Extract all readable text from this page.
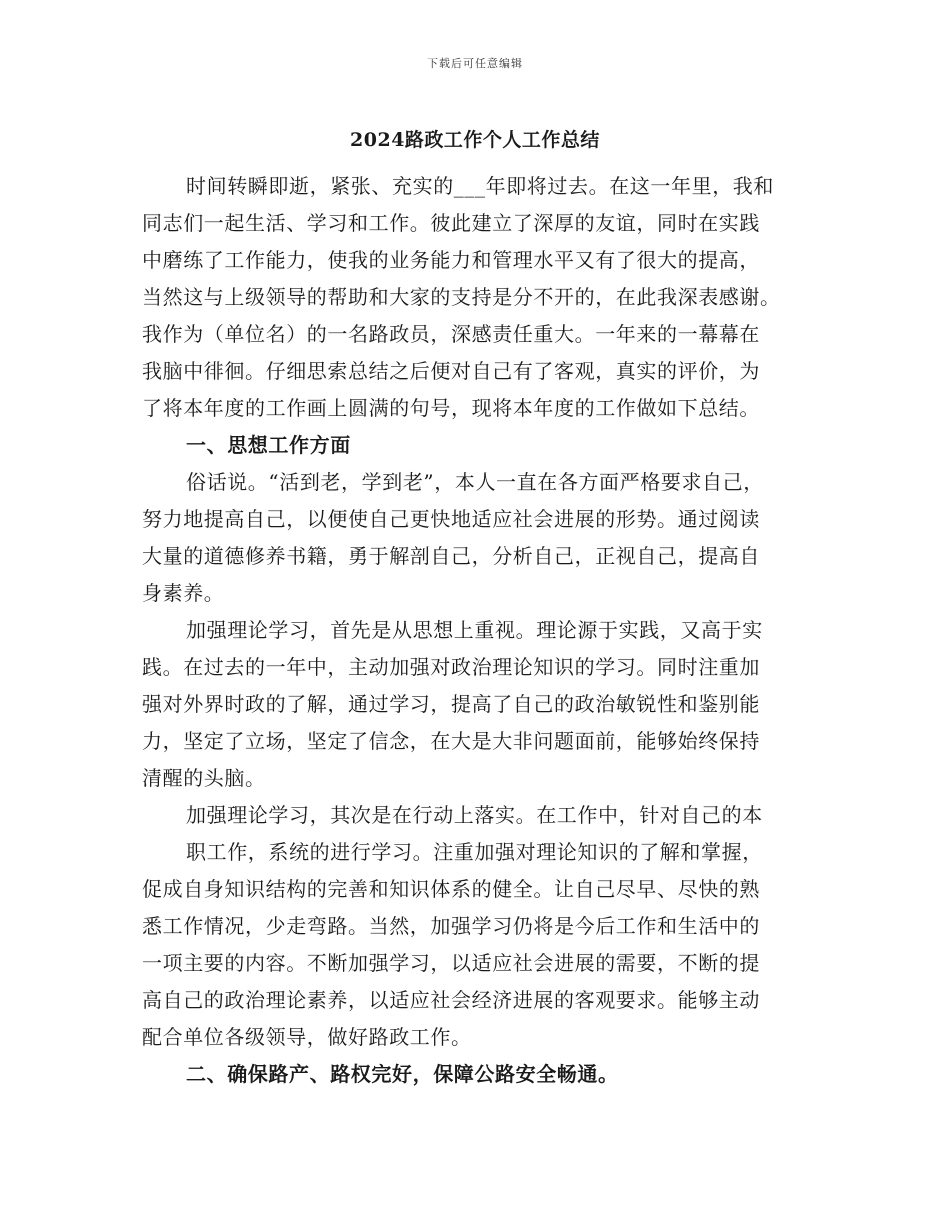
下载后可任意编辑
2024路政工作个人工作总结
时间转瞬即逝，紧张、充实的___年即将过去。在这一年里，我和
同志们一起生活、学习和工作。彼此建立了深厚的友谊，同时在实践
中磨练了工作能力，使我的业务能力和管理水平又有了很大的提高，
当然这与上级领导的帮助和大家的支持是分不开的，在此我深表感谢。
我作为（单位名）的一名路政员，深感责任重大。一年来的一幕幕在
我脑中徘徊。仔细思索总结之后便对自己有了客观，真实的评价，为
了将本年度的工作画上圆满的句号，现将本年度的工作做如下总结。
一、思想工作方面
俗话说。“活到老，学到老”，本人一直在各方面严格要求自己，
努力地提高自己，以便使自己更快地适应社会进展的形势。通过阅读
大量的道德修养书籍，勇于解剖自己，分析自己，正视自己，提高自
身素养。
加强理论学习，首先是从思想上重视。理论源于实践，又高于实
践。在过去的一年中，主动加强对政治理论知识的学习。同时注重加
强对外界时政的了解，通过学习，提高了自己的政治敏锐性和鉴别能
力，坚定了立场，坚定了信念，在大是大非问题面前，能够始终保持
清醒的头脑。
加强理论学习，其次是在行动上落实。在工作中，针对自己的本
职工作，系统的进行学习。注重加强对理论知识的了解和掌握，
促成自身知识结构的完善和知识体系的健全。让自己尽早、尽快的熟
悉工作情况，少走弯路。当然，加强学习仍将是今后工作和生活中的
一项主要的内容。不断加强学习，以适应社会进展的需要，不断的提
高自己的政治理论素养，以适应社会经济进展的客观要求。能够主动
配合单位各级领导，做好路政工作。
二、确保路产、路权完好，保障公路安全畅通。
